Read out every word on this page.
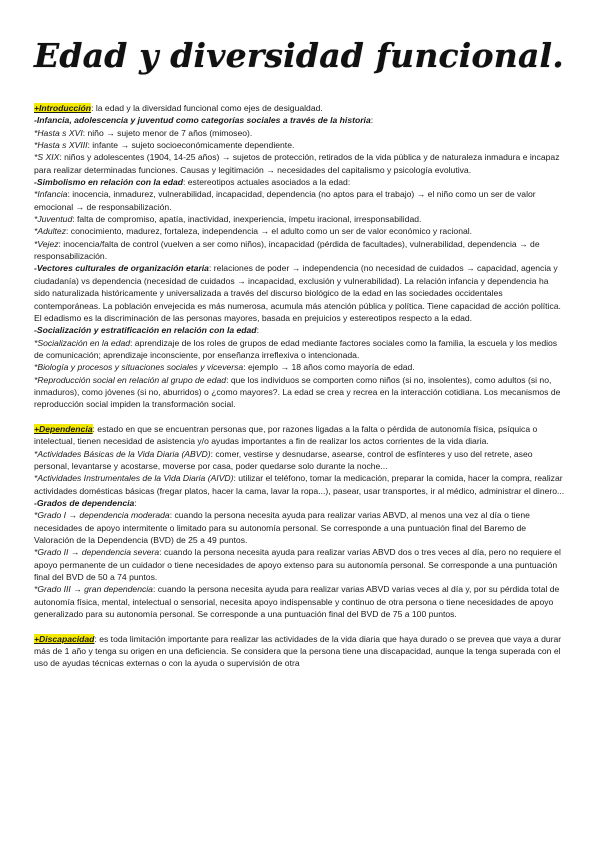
Edad y diversidad funcional.
+Introducción: la edad y la diversidad funcional como ejes de desigualdad.
-Infancia, adolescencia y juventud como categorías sociales a través de la historia:
*Hasta s XVI: niño → sujeto menor de 7 años (mimoseo).
*Hasta s XVIII: infante → sujeto socioeconómicamente dependiente.
*S XIX: niños y adolescentes (1904, 14-25 años) → sujetos de protección, retirados de la vida pública y de naturaleza inmadura e incapaz para realizar determinadas funciones. Causas y legitimación → necesidades del capitalismo y psicología evolutiva.
-Simbolismo en relación con la edad: estereotipos actuales asociados a la edad:
*Infancia: inocencia, inmadurez, vulnerabilidad, incapacidad, dependencia (no aptos para el trabajo) → el niño como un ser de valor emocional → de responsabilización.
*Juventud: falta de compromiso, apatía, inactividad, inexperiencia, ímpetu iracional, irresponsabilidad.
*Adultez: conocimiento, madurez, fortaleza, independencia → el adulto como un ser de valor económico y racional.
*Vejez: inocencia/falta de control (vuelven a ser como niños), incapacidad (pérdida de facultades), vulnerabilidad, dependencia → de responsabilización.
-Vectores culturales de organización etaria: relaciones de poder → independencia (no necesidad de cuidados → capacidad, agencia y ciudadanía) vs dependencia (necesidad de cuidados → incapacidad, exclusión y vulnerabilidad). La relación infancia y dependencia ha sido naturalizada históricamente y universalizada a través del discurso biológico de la edad en las sociedades occidentales contemporáneas. La población envejecida es más numerosa, acumula más atención pública y política. Tiene capacidad de acción política. El edadismo es la discriminación de las personas mayores, basada en prejuicios y estereotipos respecto a la edad.
-Socialización y estratificación en relación con la edad:
*Socialización en la edad: aprendizaje de los roles de grupos de edad mediante factores sociales como la familia, la escuela y los medios de comunicación; aprendizaje inconsciente, por enseñanza irreflexiva o intencionada.
*Biología y procesos y situaciones sociales y viceversa: ejemplo → 18 años como mayoría de edad.
*Reproducción social en relación al grupo de edad: que los individuos se comporten como niños (si no, insolentes), como adultos (si no, inmaduros), como jóvenes (si no, aburridos) o ¿como mayores?. La edad se crea y recrea en la interacción cotidiana. Los mecanismos de reproducción social impiden la transformación social.
+Dependencia: estado en que se encuentran personas que, por razones ligadas a la falta o pérdida de autonomía física, psíquica o intelectual, tienen necesidad de asistencia y/o ayudas importantes a fin de realizar los actos corrientes de la vida diaria.
*Actividades Básicas de la Vida Diaria (ABVD): comer, vestirse y desnudarse, asearse, control de esfínteres y uso del retrete, aseo personal, levantarse y acostarse, moverse por casa, poder quedarse solo durante la noche...
*Actividades Instrumentales de la Vida Diaria (AIVD): utilizar el teléfono, tomar la medicación, preparar la comida, hacer la compra, realizar actividades domésticas básicas (fregar platos, hacer la cama, lavar la ropa...), pasear, usar transportes, ir al médico, administrar el dinero...
-Grados de dependencia:
*Grado I → dependencia moderada: cuando la persona necesita ayuda para realizar varias ABVD, al menos una vez al día o tiene necesidades de apoyo intermitente o limitado para su autonomía personal. Se corresponde a una puntuación final del Baremo de Valoración de la Dependencia (BVD) de 25 a 49 puntos.
*Grado II → dependencia severa: cuando la persona necesita ayuda para realizar varias ABVD dos o tres veces al día, pero no requiere el apoyo permanente de un cuidador o tiene necesidades de apoyo extenso para su autonomía personal. Se corresponde a una puntuación final del BVD de 50 a 74 puntos.
*Grado III → gran dependencia: cuando la persona necesita ayuda para realizar varias ABVD varias veces al día y, por su pérdida total de autonomía física, mental, intelectual o sensorial, necesita apoyo indispensable y continuo de otra persona o tiene necesidades de apoyo generalizado para su autonomía personal. Se corresponde a una puntuación final del BVD de 75 a 100 puntos.
+Discapacidad: es toda limitación importante para realizar las actividades de la vida diaria que haya durado o se prevea que vaya a durar más de 1 año y tenga su origen en una deficiencia. Se considera que la persona tiene una discapacidad, aunque la tenga superada con el uso de ayudas técnicas externas o con la ayuda o supervisión de otra
